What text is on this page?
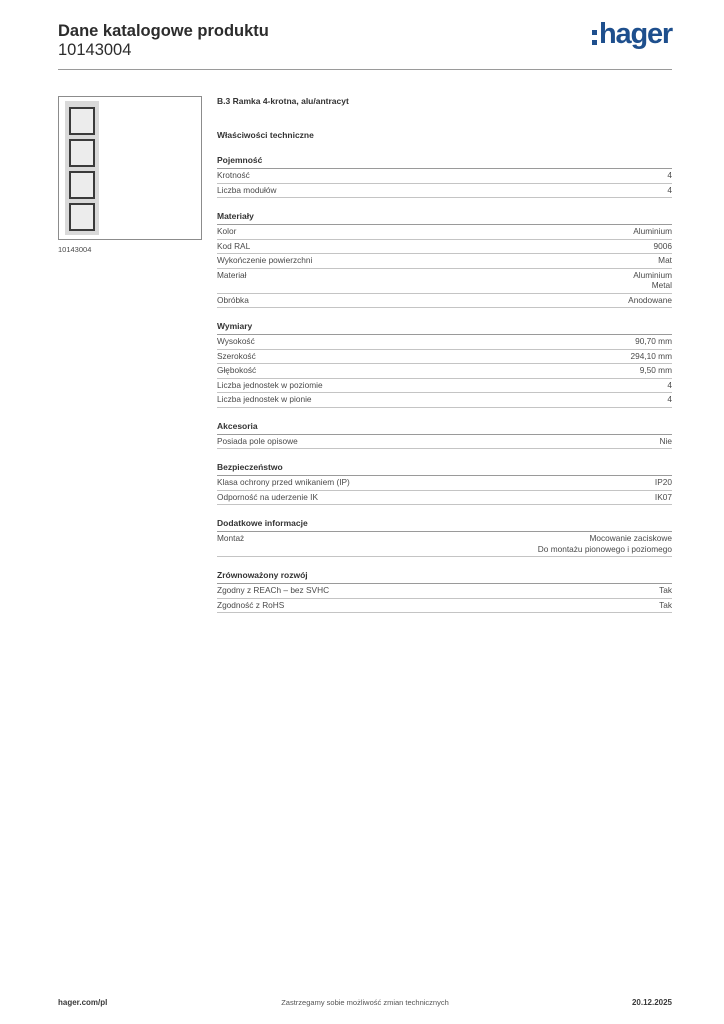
Dane katalogowe produktu
10143004	hager
10143004
B.3 Ramka 4-krotna, alu/antracyt
Właściwości techniczne
Pojemność
Krotność	4
Liczba modułów	4
Materiały
Kolor	Aluminium
Kod RAL	9006
Wykończenie powierzchni	Mat
Materiał	Aluminium
Metal
Obróbka	Anodowane
Wymiary
Wysokość	90,70 mm
Szerokość	294,10 mm
Głębokość	9,50 mm
Liczba jednostek w poziomie	4
Liczba jednostek w pionie	4
Akcesoria
Posiada pole opisowe	Nie
Bezpieczeństwo
Klasa ochrony przed wnikaniem (IP)	IP20
Odporność na uderzenie IK	IK07
Dodatkowe informacje
Montaż	Mocowanie zaciskowe
Do montażu pionowego i poziomego
Zrównoważony rozwój
Zgodny z REACh – bez SVHC	Tak
Zgodność z RoHS	Tak
hager.com/pl	Zastrzegamy sobie możliwość zmian technicznych	20.12.2025
